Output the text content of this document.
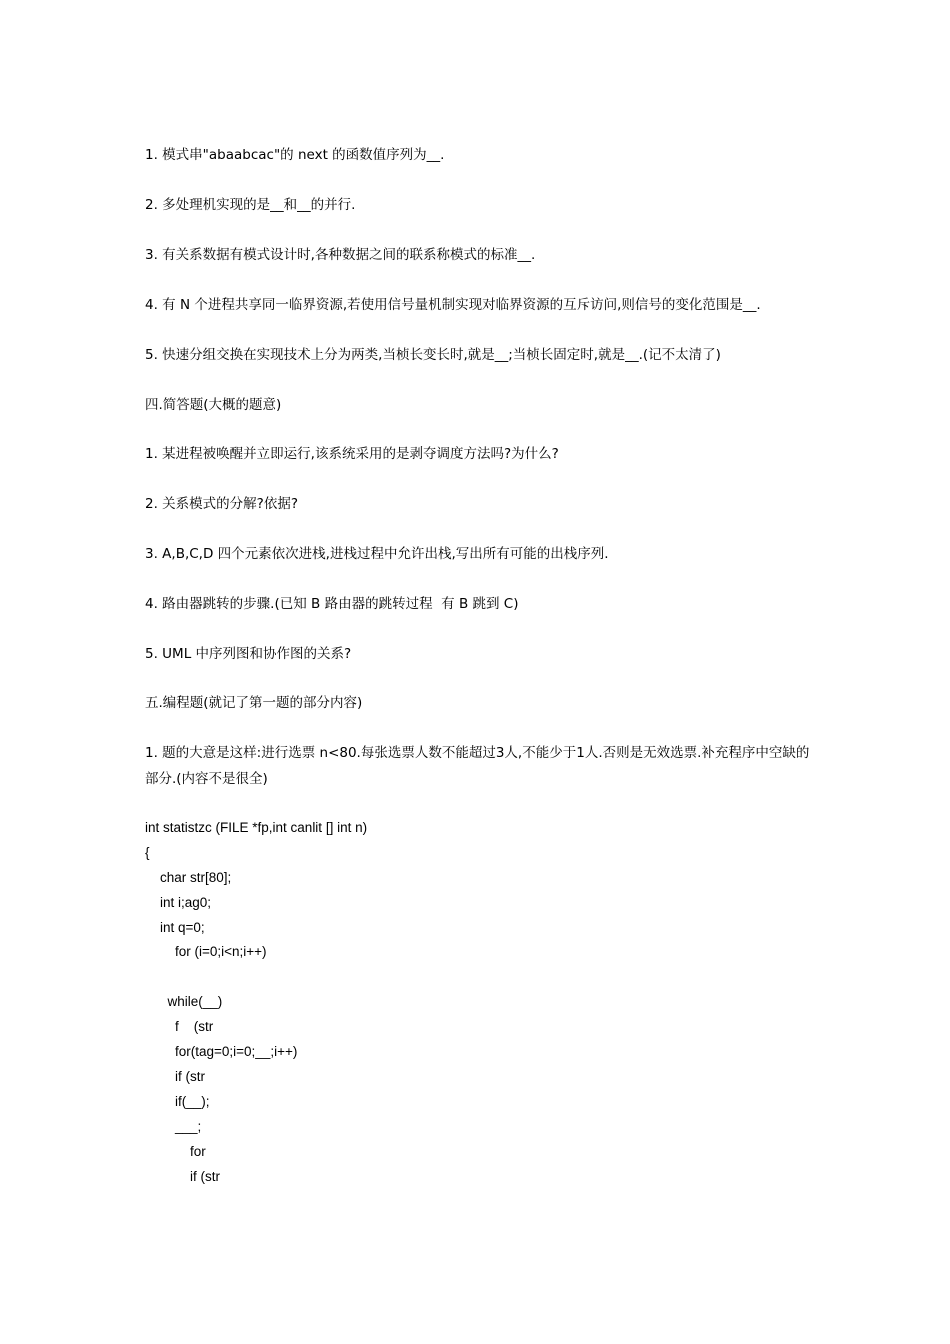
1. 模式串"abaabcac"的 next 的函数值序列为__.
2. 多处理机实现的是__和__的并行.
3. 有关系数据有模式设计时,各种数据之间的联系称模式的标准__.
4. 有 N 个进程共享同一临界资源,若使用信号量机制实现对临界资源的互斥访问,则信号的变化范围是__.
5. 快速分组交换在实现技术上分为两类,当桢长变长时,就是__;当桢长固定时,就是__.(记不太清了)
四.简答题(大概的题意)
1. 某进程被唤醒并立即运行,该系统采用的是剥夺调度方法吗?为什么?
2. 关系模式的分解?依据?
3. A,B,C,D 四个元素依次进栈,进栈过程中允许出栈,写出所有可能的出栈序列.
4. 路由器跳转的步骤.(已知 B 路由器的跳转过程  有 B 跳到 C)
5. UML 中序列图和协作图的关系?
五.编程题(就记了第一题的部分内容)
1. 题的大意是这样:进行选票 n<80.每张选票人数不能超过3人,不能少于1人.否则是无效选票.补充程序中空缺的部分.(内容不是很全)
int statistzc (FILE *fp,int canlit [] int n)
{
char str[80];
int i;ag0;
int q=0;
for (i=0;i<n;i++)
while(__)
f    (str
for(tag=0;i=0;__;i++)
if (str
if(__);
___;
for
if (str
